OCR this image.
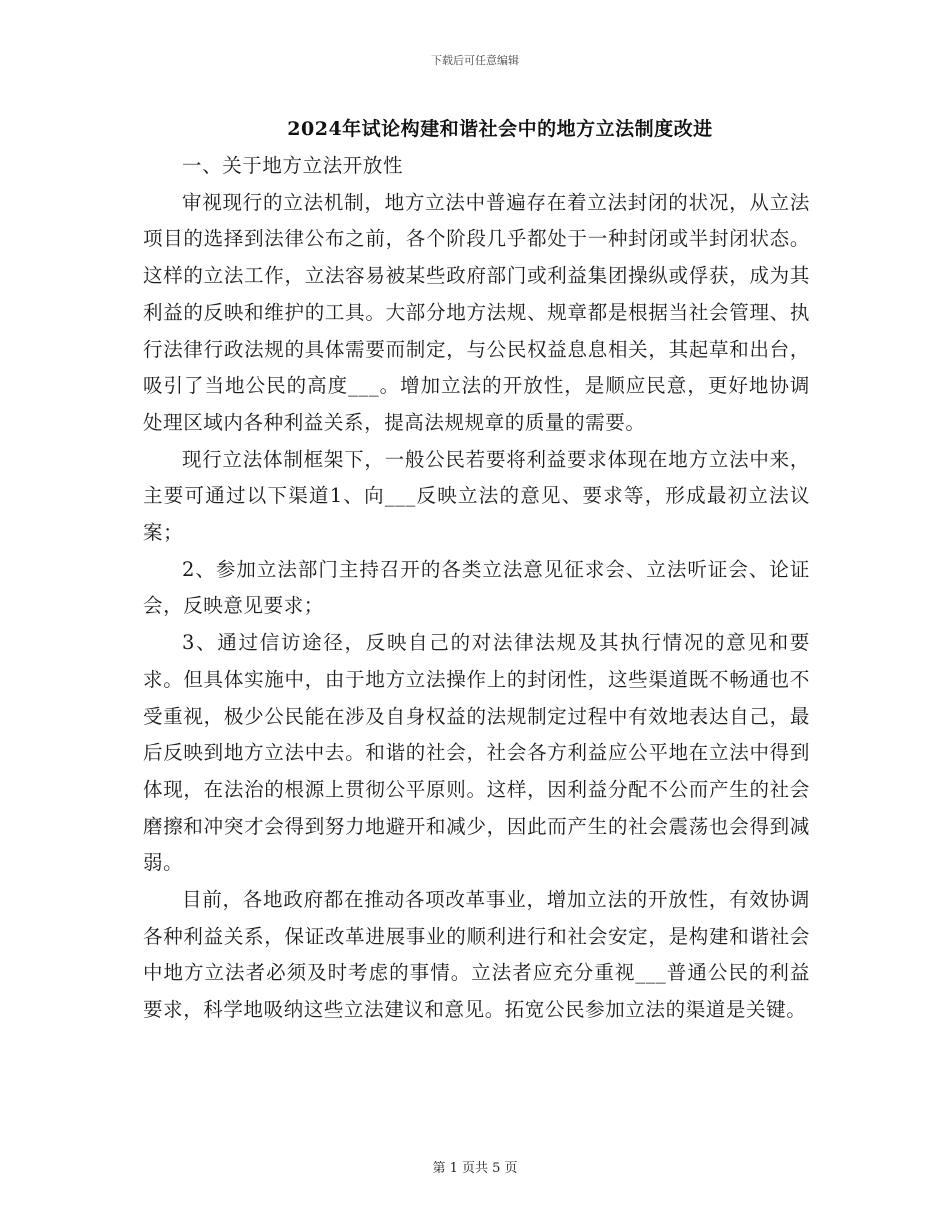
下载后可任意编辑
2024年试论构建和谐社会中的地方立法制度改进

一、关于地方立法开放性

审视现行的立法机制，地方立法中普遍存在着立法封闭的状况，从立法项目的选择到法律公布之前，各个阶段几乎都处于一种封闭或半封闭状态。这样的立法工作，立法容易被某些政府部门或利益集团操纵或俘获，成为其利益的反映和维护的工具。大部分地方法规、规章都是根据当社会管理、执行法律行政法规的具体需要而制定，与公民权益息息相关，其起草和出台，吸引了当地公民的高度___。增加立法的开放性，是顺应民意，更好地协调处理区域内各种利益关系，提高法规规章的质量的需要。

现行立法体制框架下，一般公民若要将利益要求体现在地方立法中来，主要可通过以下渠道1、向___反映立法的意见、要求等，形成最初立法议案；

2、参加立法部门主持召开的各类立法意见征求会、立法听证会、论证会，反映意见要求；

3、通过信访途径，反映自己的对法律法规及其执行情况的意见和要求。但具体实施中，由于地方立法操作上的封闭性，这些渠道既不畅通也不受重视，极少公民能在涉及自身权益的法规制定过程中有效地表达自己，最后反映到地方立法中去。和谐的社会，社会各方利益应公平地在立法中得到体现，在法治的根源上贯彻公平原则。这样，因利益分配不公而产生的社会磨擦和冲突才会得到努力地避开和减少，因此而产生的社会震荡也会得到减弱。

目前，各地政府都在推动各项改革事业，增加立法的开放性，有效协调各种利益关系，保证改革进展事业的顺利进行和社会安定，是构建和谐社会中地方立法者必须及时考虑的事情。立法者应充分重视___普通公民的利益要求，科学地吸纳这些立法建议和意见。拓宽公民参加立法的渠道是关键。

第 1 页共 5 页
